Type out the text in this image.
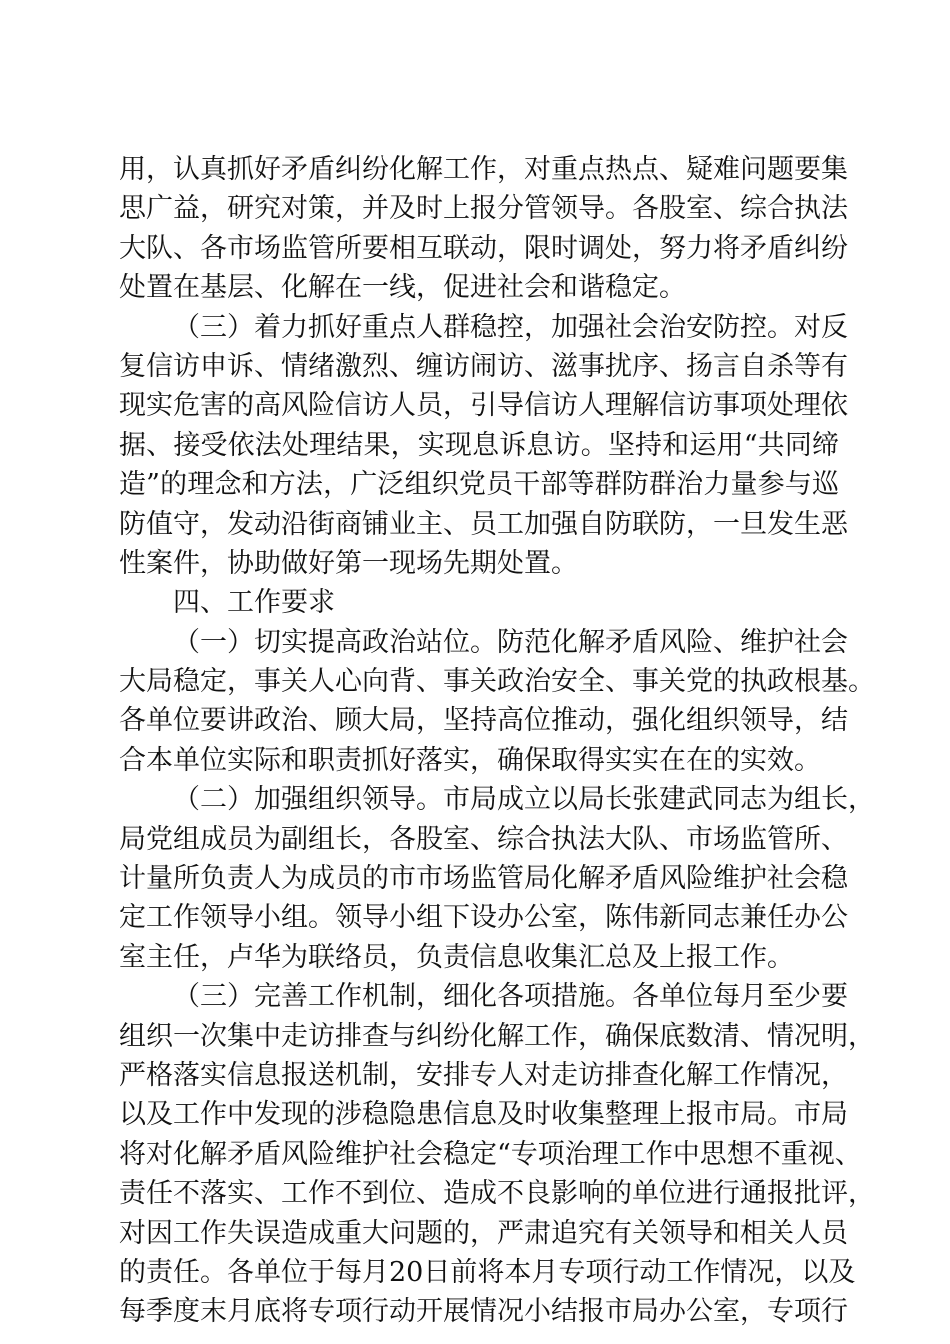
用，认真抓好矛盾纠纷化解工作，对重点热点、疑难问题要集
思广益，研究对策，并及时上报分管领导。各股室、综合执法
大队、各市场监管所要相互联动，限时调处，努力将矛盾纠纷
处置在基层、化解在一线，促进社会和谐稳定。
（三）着力抓好重点人群稳控，加强社会治安防控。对反
复信访申诉、情绪激烈、缠访闹访、滋事扰序、扬言自杀等有
现实危害的高风险信访人员，引导信访人理解信访事项处理依
据、接受依法处理结果，实现息诉息访。坚持和运用“共同缔
造”的理念和方法，广泛组织党员干部等群防群治力量参与巡
防值守，发动沿街商铺业主、员工加强自防联防，一旦发生恶
性案件，协助做好第一现场先期处置。
四、工作要求
（一）切实提高政治站位。防范化解矛盾风险、维护社会
大局稳定，事关人心向背、事关政治安全、事关党的执政根基。
各单位要讲政治、顾大局，坚持高位推动，强化组织领导，结
合本单位实际和职责抓好落实，确保取得实实在在的实效。
（二）加强组织领导。市局成立以局长张建武同志为组长，
局党组成员为副组长，各股室、综合执法大队、市场监管所、
计量所负责人为成员的市市场监管局化解矛盾风险维护社会稳
定工作领导小组。领导小组下设办公室，陈伟新同志兼任办公
室主任，卢华为联络员，负责信息收集汇总及上报工作。
（三）完善工作机制，细化各项措施。各单位每月至少要
组织一次集中走访排查与纠纷化解工作，确保底数清、情况明，
严格落实信息报送机制，安排专人对走访排查化解工作情况，
以及工作中发现的涉稳隐患信息及时收集整理上报市局。市局
将对化解矛盾风险维护社会稳定“专项治理工作中思想不重视、
责任不落实、工作不到位、造成不良影响的单位进行通报批评，
对因工作失误造成重大问题的，严肃追究有关领导和相关人员
的责任。各单位于每月20日前将本月专项行动工作情况，以及
每季度末月底将专项行动开展情况小结报市局办公室，专项行
